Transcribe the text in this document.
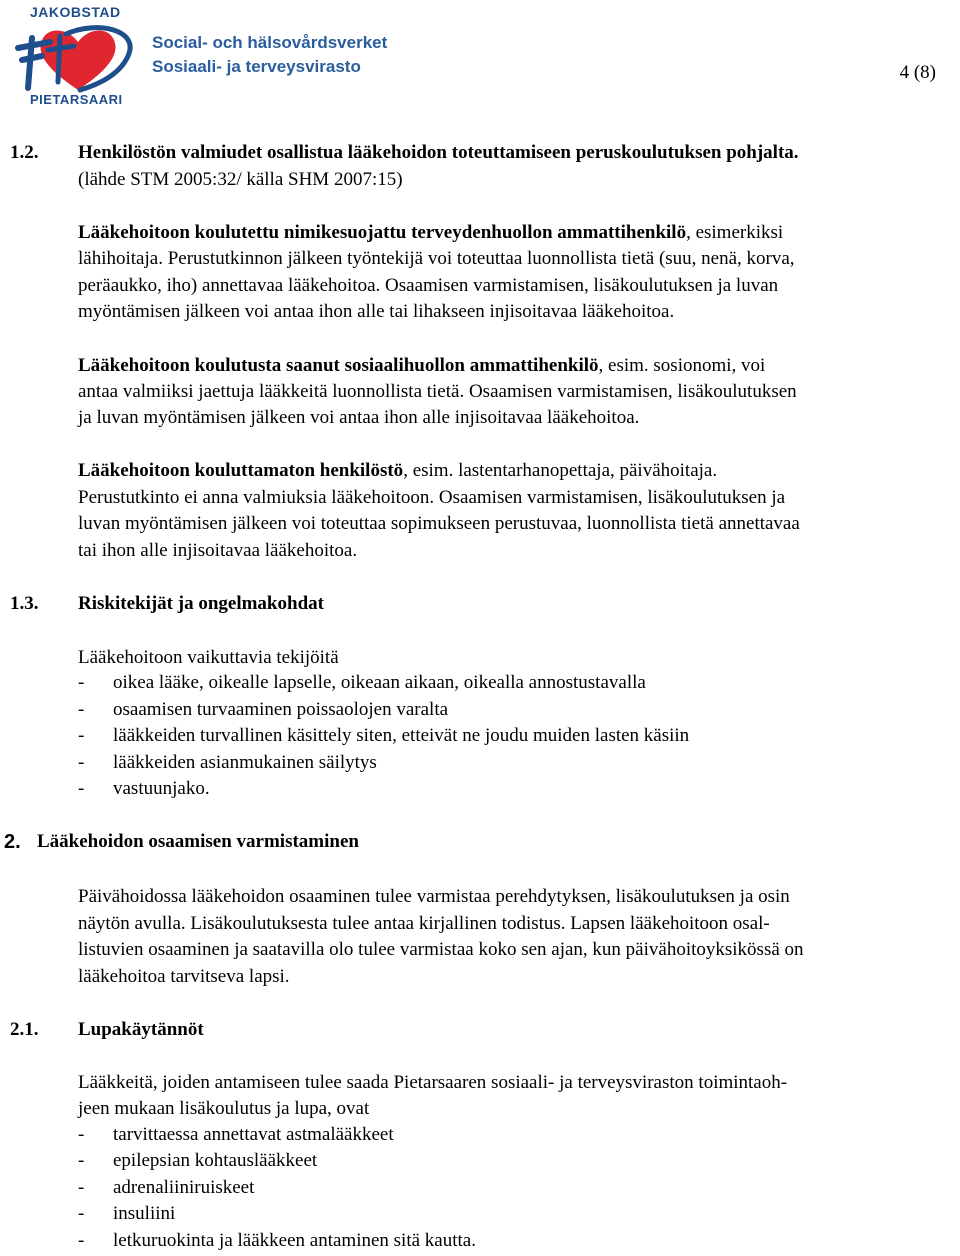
JAKOBSTAD
PIETARSAARI
Social- och hälsovårdsverket
Sosiaali- ja terveysvirasto	4 (8)
1.2. Henkilöstön valmiudet osallistua lääkehoidon toteuttamiseen peruskoulutuksen pohjalta.
(lähde STM 2005:32/ källa SHM 2007:15)
Lääkehoitoon koulutettu nimikesuojattu terveydenhuollon ammattihenkilö, esimerkiksi
lähihoitaja. Perustutkinnon jälkeen työntekijä voi toteuttaa luonnollista tietä (suu, nenä, korva,
peräaukko, iho) annettavaa lääkehoitoa. Osaamisen varmistamisen, lisäkoulutuksen ja luvan
myöntämisen jälkeen voi antaa ihon alle tai lihakseen injisoitavaa lääkehoitoa.
Lääkehoitoon koulutusta saanut sosiaalihuollon ammattihenkilö, esim. sosionomi, voi
antaa valmiiksi jaettuja lääkkeitä luonnollista tietä. Osaamisen varmistamisen, lisäkoulutuksen
ja luvan myöntämisen jälkeen voi antaa ihon alle injisoitavaa lääkehoitoa.
Lääkehoitoon kouluttamaton henkilöstö, esim. lastentarhanopettaja, päivähoitaja.
Perustutkinto ei anna valmiuksia lääkehoitoon. Osaamisen varmistamisen, lisäkoulutuksen ja
luvan myöntämisen jälkeen voi toteuttaa sopimukseen perustuvaa, luonnollista tietä annettavaa
tai ihon alle injisoitavaa lääkehoitoa.
1.3. Riskitekijät ja ongelmakohdat
Lääkehoitoon vaikuttavia tekijöitä
- oikea lääke, oikealle lapselle, oikeaan aikaan, oikealla annostustavalla
- osaamisen turvaaminen poissaolojen varalta
- lääkkeiden turvallinen käsittely siten, etteivät ne joudu muiden lasten käsiin
- lääkkeiden asianmukainen säilytys
- vastuunjako.
2. Lääkehoidon osaamisen varmistaminen
Päivähoidossa lääkehoidon osaaminen tulee varmistaa perehdytyksen, lisäkoulutuksen ja osin
näytön avulla. Lisäkoulutuksesta tulee antaa kirjallinen todistus. Lapsen lääkehoitoon osal-
listuvien osaaminen ja saatavilla olo tulee varmistaa koko sen ajan, kun päivähoitoyksikössä on
lääkehoitoa tarvitseva lapsi.
2.1. Lupakäytännöt
Lääkkeitä, joiden antamiseen tulee saada Pietarsaaren sosiaali- ja terveysviraston toimintaoh-
jeen mukaan lisäkoulutus ja lupa, ovat
- tarvittaessa annettavat astmalääkkeet
- epilepsian kohtauslääkkeet
- adrenaliiniruiskeet
- insuliini
- letkuruokinta ja lääkkeen antaminen sitä kautta.
